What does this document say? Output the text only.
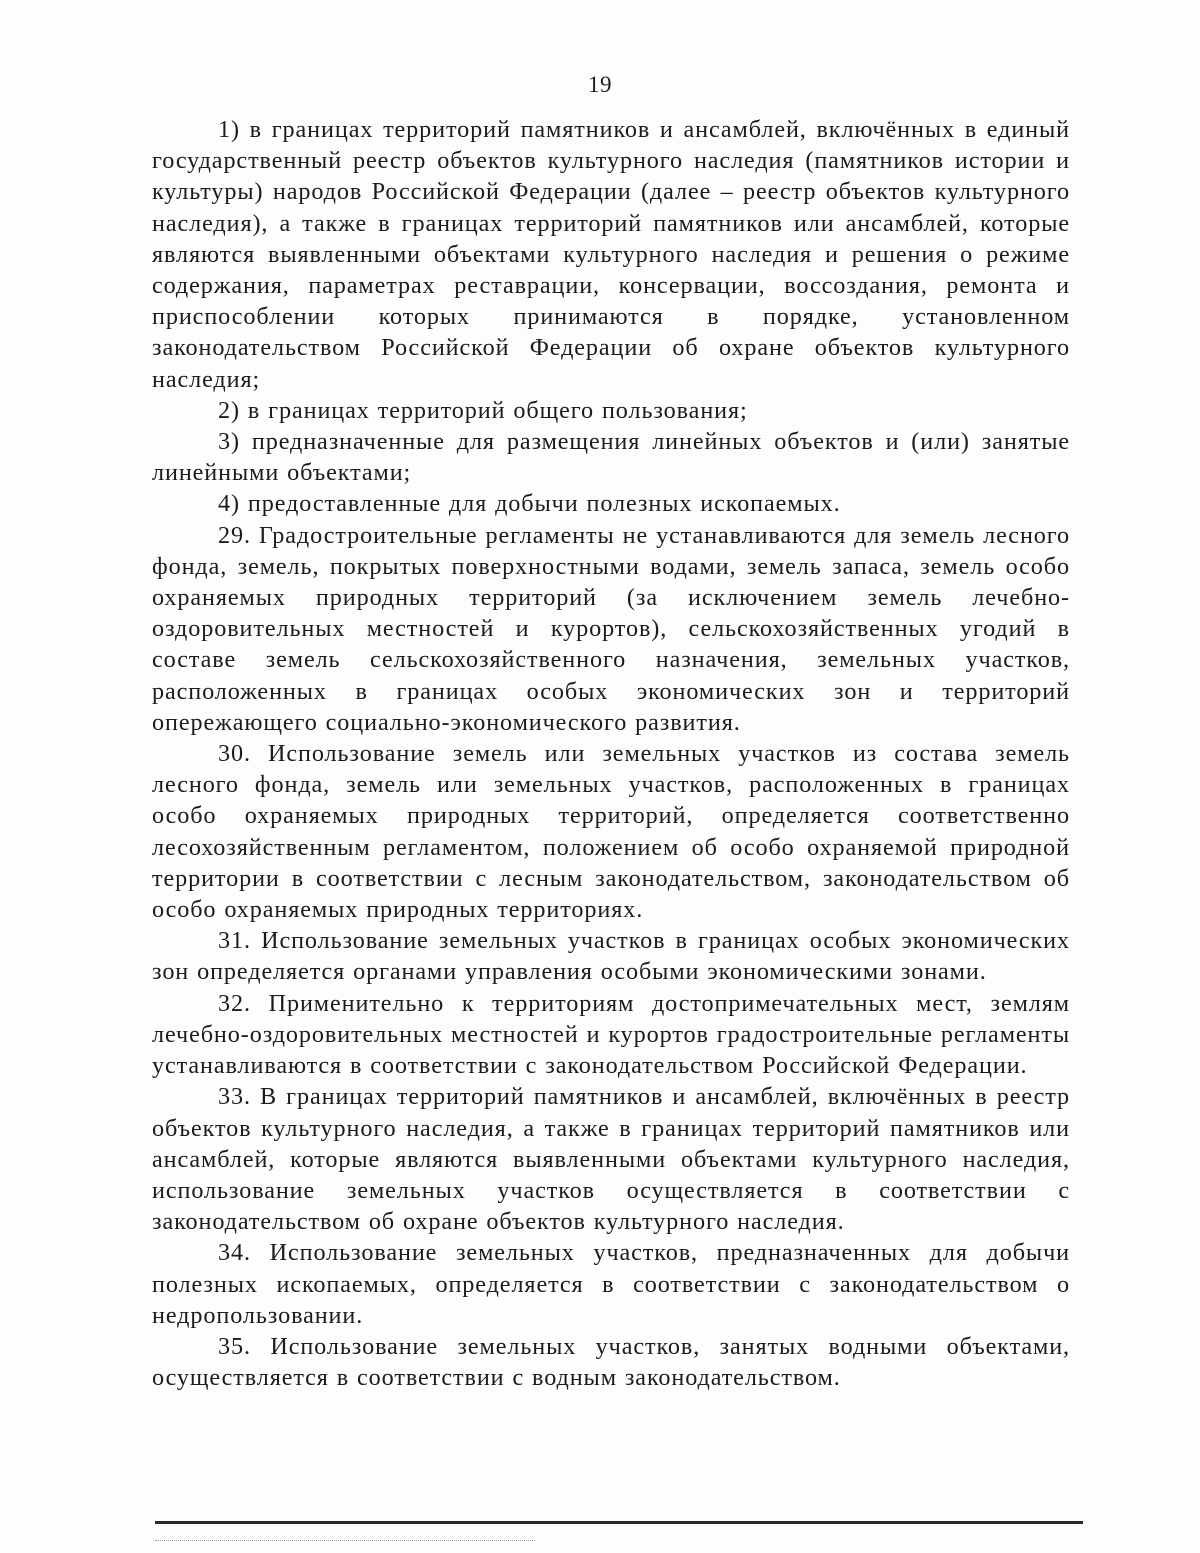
19

1) в границах территорий памятников и ансамблей, включённых в единый государственный реестр объектов культурного наследия (памятников истории и культуры) народов Российской Федерации (далее – реестр объектов культурного наследия), а также в границах территорий памятников или ансамблей, которые являются выявленными объектами культурного наследия и решения о режиме содержания, параметрах реставрации, консервации, воссоздания, ремонта и приспособлении которых принимаются в порядке, установленном законодательством Российской Федерации об охране объектов культурного наследия;

2) в границах территорий общего пользования;

3) предназначенные для размещения линейных объектов и (или) занятые линейными объектами;

4) предоставленные для добычи полезных ископаемых.

29. Градостроительные регламенты не устанавливаются для земель лесного фонда, земель, покрытых поверхностными водами, земель запаса, земель особо охраняемых природных территорий (за исключением земель лечебно-оздоровительных местностей и курортов), сельскохозяйственных угодий в составе земель сельскохозяйственного назначения, земельных участков, расположенных в границах особых экономических зон и территорий опережающего социально-экономического развития.

30. Использование земель или земельных участков из состава земель лесного фонда, земель или земельных участков, расположенных в границах особо охраняемых природных территорий, определяется соответственно лесохозяйственным регламентом, положением об особо охраняемой природной территории в соответствии с лесным законодательством, законодательством об особо охраняемых природных территориях.

31. Использование земельных участков в границах особых экономических зон определяется органами управления особыми экономическими зонами.

32. Применительно к территориям достопримечательных мест, землям лечебно-оздоровительных местностей и курортов градостроительные регламенты устанавливаются в соответствии с законодательством Российской Федерации.

33. В границах территорий памятников и ансамблей, включённых в реестр объектов культурного наследия, а также в границах территорий памятников или ансамблей, которые являются выявленными объектами культурного наследия, использование земельных участков осуществляется в соответствии с законодательством об охране объектов культурного наследия.

34. Использование земельных участков, предназначенных для добычи полезных ископаемых, определяется в соответствии с законодательством о недропользовании.

35. Использование земельных участков, занятых водными объектами, осуществляется в соответствии с водным законодательством.
